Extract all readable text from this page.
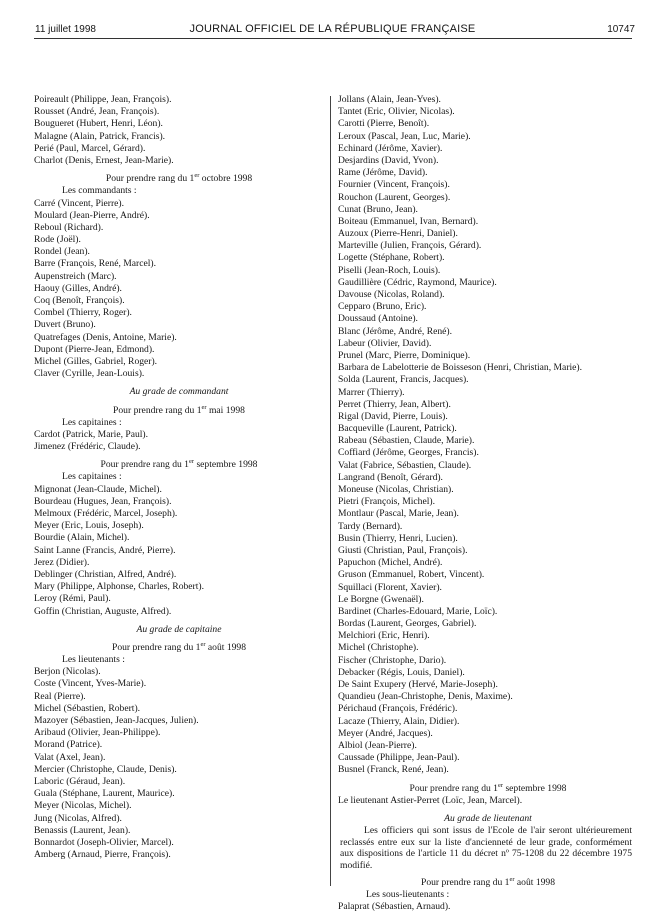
11 juillet 1998	JOURNAL OFFICIEL DE LA RÉPUBLIQUE FRANÇAISE	10747
Poireault (Philippe, Jean, François).
Rousset (André, Jean, François).
Bougueret (Hubert, Henri, Léon).
Malagne (Alain, Patrick, Francis).
Perié (Paul, Marcel, Gérard).
Charlot (Denis, Ernest, Jean-Marie).
Pour prendre rang du 1er octobre 1998
Les commandants :
Carré (Vincent, Pierre).
Moulard (Jean-Pierre, André).
Reboul (Richard).
Rode (Joël).
Rondel (Jean).
Barre (François, René, Marcel).
Aupenstreich (Marc).
Haouy (Gilles, André).
Coq (Benoît, François).
Combel (Thierry, Roger).
Duvert (Bruno).
Quatrefages (Denis, Antoine, Marie).
Dupont (Pierre-Jean, Edmond).
Michel (Gilles, Gabriel, Roger).
Claver (Cyrille, Jean-Louis).
Au grade de commandant
Pour prendre rang du 1er mai 1998
Les capitaines :
Cardot (Patrick, Marie, Paul).
Jimenez (Frédéric, Claude).
Pour prendre rang du 1er septembre 1998
Les capitaines :
Mignonat (Jean-Claude, Michel).
Bourdeau (Hugues, Jean, François).
Melmoux (Frédéric, Marcel, Joseph).
Meyer (Eric, Louis, Joseph).
Bourdie (Alain, Michel).
Saint Lanne (Francis, André, Pierre).
Jerez (Didier).
Deblinger (Christian, Alfred, André).
Mary (Philippe, Alphonse, Charles, Robert).
Leroy (Rémi, Paul).
Goffin (Christian, Auguste, Alfred).
Au grade de capitaine
Pour prendre rang du 1er août 1998
Les lieutenants :
Berjon (Nicolas).
Coste (Vincent, Yves-Marie).
Real (Pierre).
Michel (Sébastien, Robert).
Mazoyer (Sébastien, Jean-Jacques, Julien).
Aribaud (Olivier, Jean-Philippe).
Morand (Patrice).
Valat (Axel, Jean).
Mercier (Christophe, Claude, Denis).
Laboric (Géraud, Jean).
Guala (Stéphane, Laurent, Maurice).
Meyer (Nicolas, Michel).
Jung (Nicolas, Alfred).
Benassis (Laurent, Jean).
Bonnardot (Joseph-Olivier, Marcel).
Amberg (Arnaud, Pierre, François).
Jollans (Alain, Jean-Yves).
Tantet (Eric, Olivier, Nicolas).
Carotti (Pierre, Benoît).
Leroux (Pascal, Jean, Luc, Marie).
Echinard (Jérôme, Xavier).
Desjardins (David, Yvon).
Rame (Jérôme, David).
Fournier (Vincent, François).
Rouchon (Laurent, Georges).
Cunat (Bruno, Jean).
Boiteau (Emmanuel, Ivan, Bernard).
Auzoux (Pierre-Henri, Daniel).
Marteville (Julien, François, Gérard).
Logette (Stéphane, Robert).
Piselli (Jean-Roch, Louis).
Gaudillière (Cédric, Raymond, Maurice).
Davouse (Nicolas, Roland).
Cepparo (Bruno, Eric).
Doussaud (Antoine).
Blanc (Jérôme, André, René).
Labeur (Olivier, David).
Prunel (Marc, Pierre, Dominique).
Barbara de Labelotterie de Boisseson (Henri, Christian, Marie).
Solda (Laurent, Francis, Jacques).
Marrer (Thierry).
Perret (Thierry, Jean, Albert).
Rigal (David, Pierre, Louis).
Bacqueville (Laurent, Patrick).
Rabeau (Sébastien, Claude, Marie).
Coffiard (Jérôme, Georges, Francis).
Valat (Fabrice, Sébastien, Claude).
Langrand (Benoît, Gérard).
Moneuse (Nicolas, Christian).
Pietri (François, Michel).
Montlaur (Pascal, Marie, Jean).
Tardy (Bernard).
Busin (Thierry, Henri, Lucien).
Giusti (Christian, Paul, François).
Papuchon (Michel, André).
Gruson (Emmanuel, Robert, Vincent).
Squillaci (Florent, Xavier).
Le Borgne (Gwenaël).
Bardinet (Charles-Edouard, Marie, Loïc).
Bordas (Laurent, Georges, Gabriel).
Melchiori (Eric, Henri).
Michel (Christophe).
Fischer (Christophe, Dario).
Debacker (Régis, Louis, Daniel).
De Saint Exupery (Hervé, Marie-Joseph).
Quandieu (Jean-Christophe, Denis, Maxime).
Périchaud (François, Frédéric).
Lacaze (Thierry, Alain, Didier).
Meyer (André, Jacques).
Albiol (Jean-Pierre).
Caussade (Philippe, Jean-Paul).
Busnel (Franck, René, Jean).
Pour prendre rang du 1er septembre 1998
Le lieutenant Astier-Perret (Loïc, Jean, Marcel).
Au grade de lieutenant
Les officiers qui sont issus de l'Ecole de l'air seront ultérieurement reclassés entre eux sur la liste d'ancienneté de leur grade, conformément aux dispositions de l'article 11 du décret nº 75-1208 du 22 décembre 1975 modifié.
Pour prendre rang du 1er août 1998
Les sous-lieutenants :
Palaprat (Sébastien, Arnaud).
